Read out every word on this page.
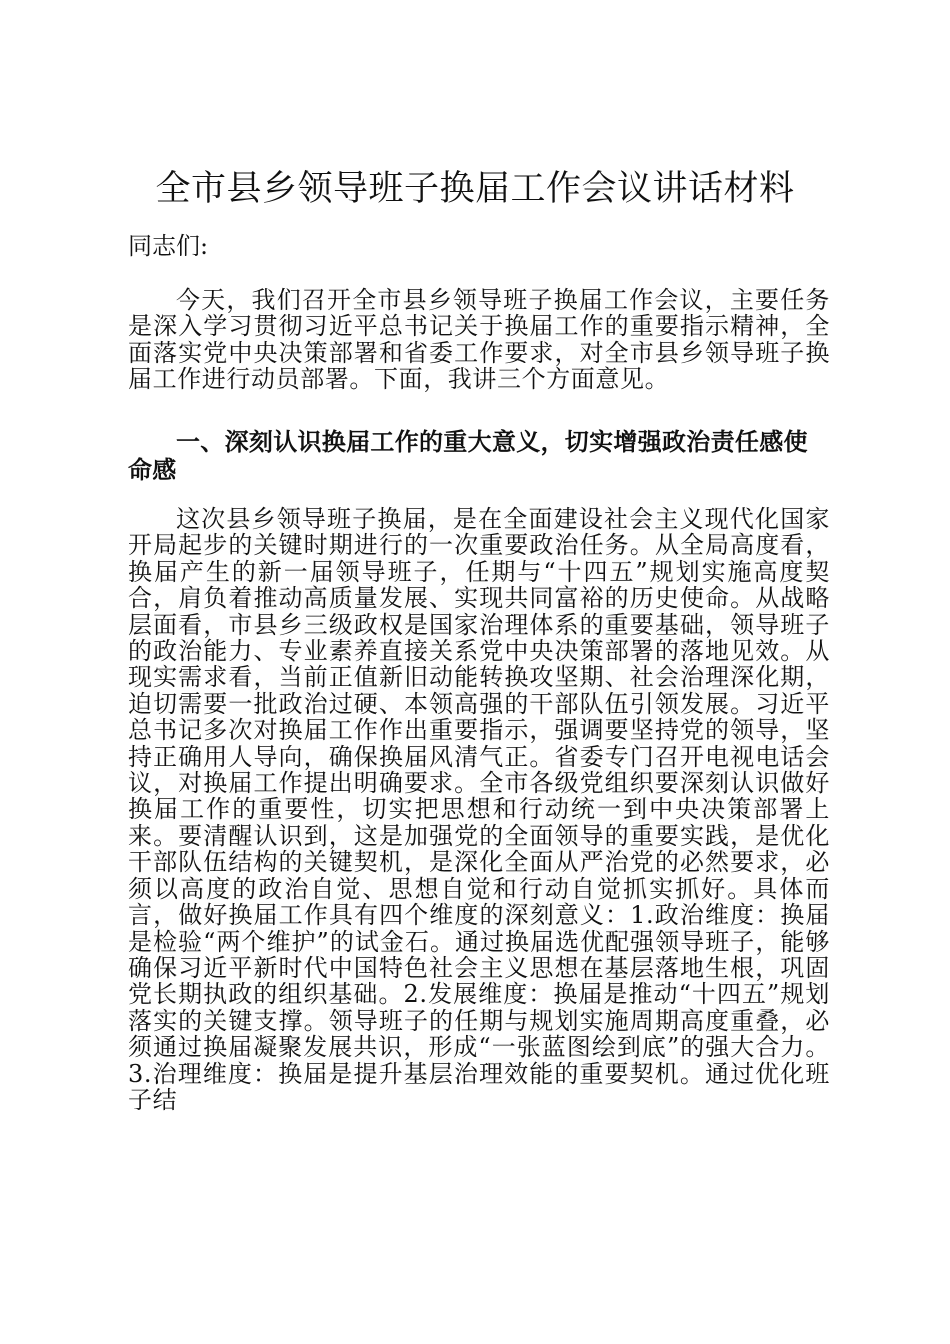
全市县乡领导班子换届工作会议讲话材料

同志们:

今天，我们召开全市县乡领导班子换届工作会议，主要任务是深入学习贯彻习近平总书记关于换届工作的重要指示精神，全面落实党中央决策部署和省委工作要求，对全市县乡领导班子换届工作进行动员部署。下面，我讲三个方面意见。

一、深刻认识换届工作的重大意义，切实增强政治责任感使命感

这次县乡领导班子换届，是在全面建设社会主义现代化国家开局起步的关键时期进行的一次重要政治任务。从全局高度看，换届产生的新一届领导班子，任期与“十四五”规划实施高度契合，肩负着推动高质量发展、实现共同富裕的历史使命。从战略层面看，市县乡三级政权是国家治理体系的重要基础，领导班子的政治能力、专业素养直接关系党中央决策部署的落地见效。从现实需求看，当前正值新旧动能转换攻坚期、社会治理深化期，迫切需要一批政治过硬、本领高强的干部队伍引领发展。习近平总书记多次对换届工作作出重要指示，强调要坚持党的领导，坚持正确用人导向，确保换届风清气正。省委专门召开电视电话会议，对换届工作提出明确要求。全市各级党组织要深刻认识做好换届工作的重要性，切实把思想和行动统一到中央决策部署上来。要清醒认识到，这是加强党的全面领导的重要实践，是优化干部队伍结构的关键契机，是深化全面从严治党的必然要求，必须以高度的政治自觉、思想自觉和行动自觉抓实抓好。具体而言，做好换届工作具有四个维度的深刻意义：1.政治维度：换届是检验“两个维护”的试金石。通过换届选优配强领导班子，能够确保习近平新时代中国特色社会主义思想在基层落地生根，巩固党长期执政的组织基础。2.发展维度：换届是推动“十四五”规划落实的关键支撑。领导班子的任期与规划实施周期高度重叠，必须通过换届凝聚发展共识，形成“一张蓝图绘到底”的强大合力。3.治理维度：换届是提升基层治理效能的重要契机。通过优化班子结
